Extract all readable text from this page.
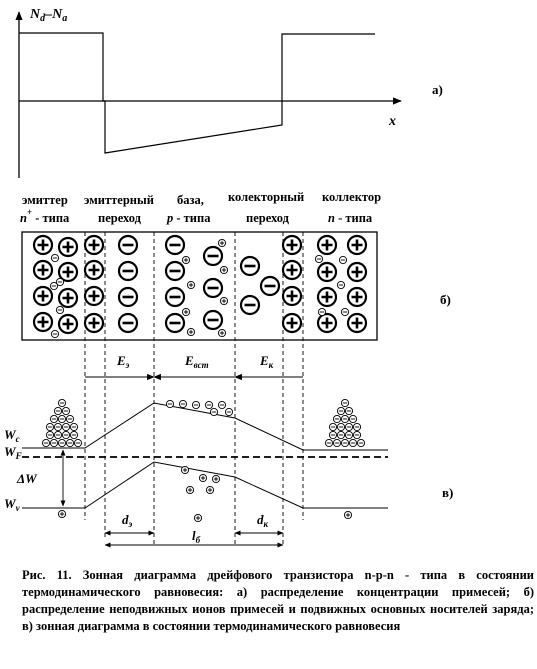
$N_d-N_a$
x
а)
эмиттер
n+ - типа
эмиттерный
переход
база,
p - типа
колекторный
переход
коллектор
n - типа
б)
$E_э$	$E_{вст}$	$E_к$
$W_c$
$W_F$
ΔW
$W_v$
в)
$d_э$
$l_б$
$d_к$
Рис. 11. Зонная диаграмма дрейфового транзистора n-p-n - типа в состоянии термодинамического равновесия: а) распределение концентрации примесей; б) распределение неподвижных ионов примесей и подвижных основных носителей заряда; в) зонная диаграмма в состоянии термодинамического равновесия
